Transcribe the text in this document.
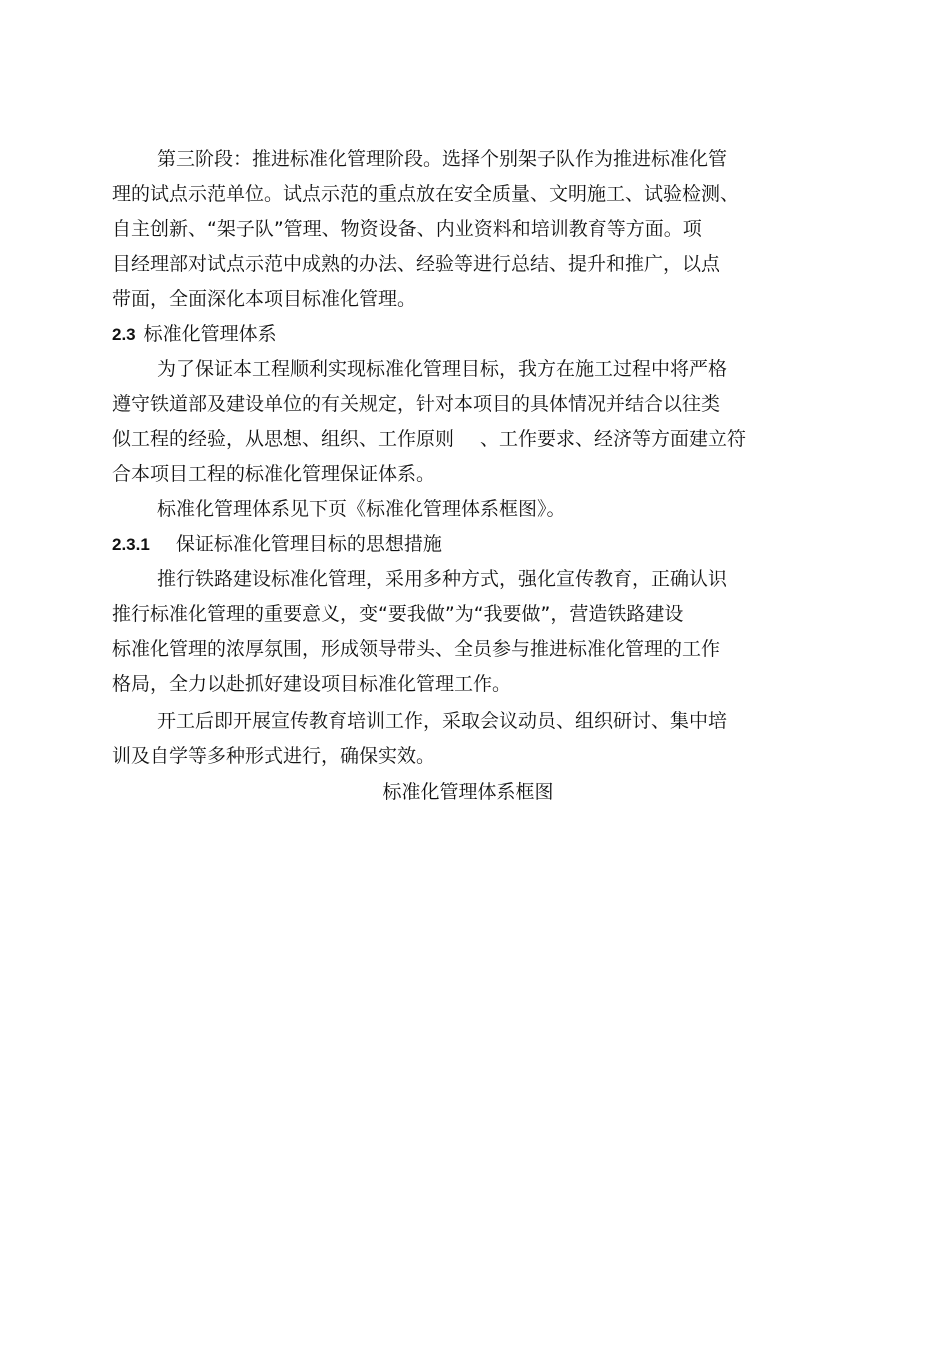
第三阶段：推进标准化管理阶段。选择个别架子队作为推进标准化管
理的试点示范单位。试点示范的重点放在安全质量、文明施工、试验检测、
自主创新、“架子队”管理、物资设备、内业资料和培训教育等方面。项
目经理部对试点示范中成熟的办法、经验等进行总结、提升和推广，以点
带面，全面深化本项目标准化管理。
2.3 标准化管理体系
为了保证本工程顺利实现标准化管理目标，我方在施工过程中将严格
遵守铁道部及建设单位的有关规定，针对本项目的具体情况并结合以往类
似工程的经验，从思想、组织、工作原则 、工作要求、经济等方面建立符
合本项目工程的标准化管理保证体系。
标准化管理体系见下页《标准化管理体系框图》。
2.3.1 保证标准化管理目标的思想措施
推行铁路建设标准化管理，采用多种方式，强化宣传教育，正确认识
推行标准化管理的重要意义，变“要我做”为“我要做”，营造铁路建设
标准化管理的浓厚氛围，形成领导带头、全员参与推进标准化管理的工作
格局，全力以赴抓好建设项目标准化管理工作。
开工后即开展宣传教育培训工作，采取会议动员、组织研讨、集中培
训及自学等多种形式进行，确保实效。
标准化管理体系框图
